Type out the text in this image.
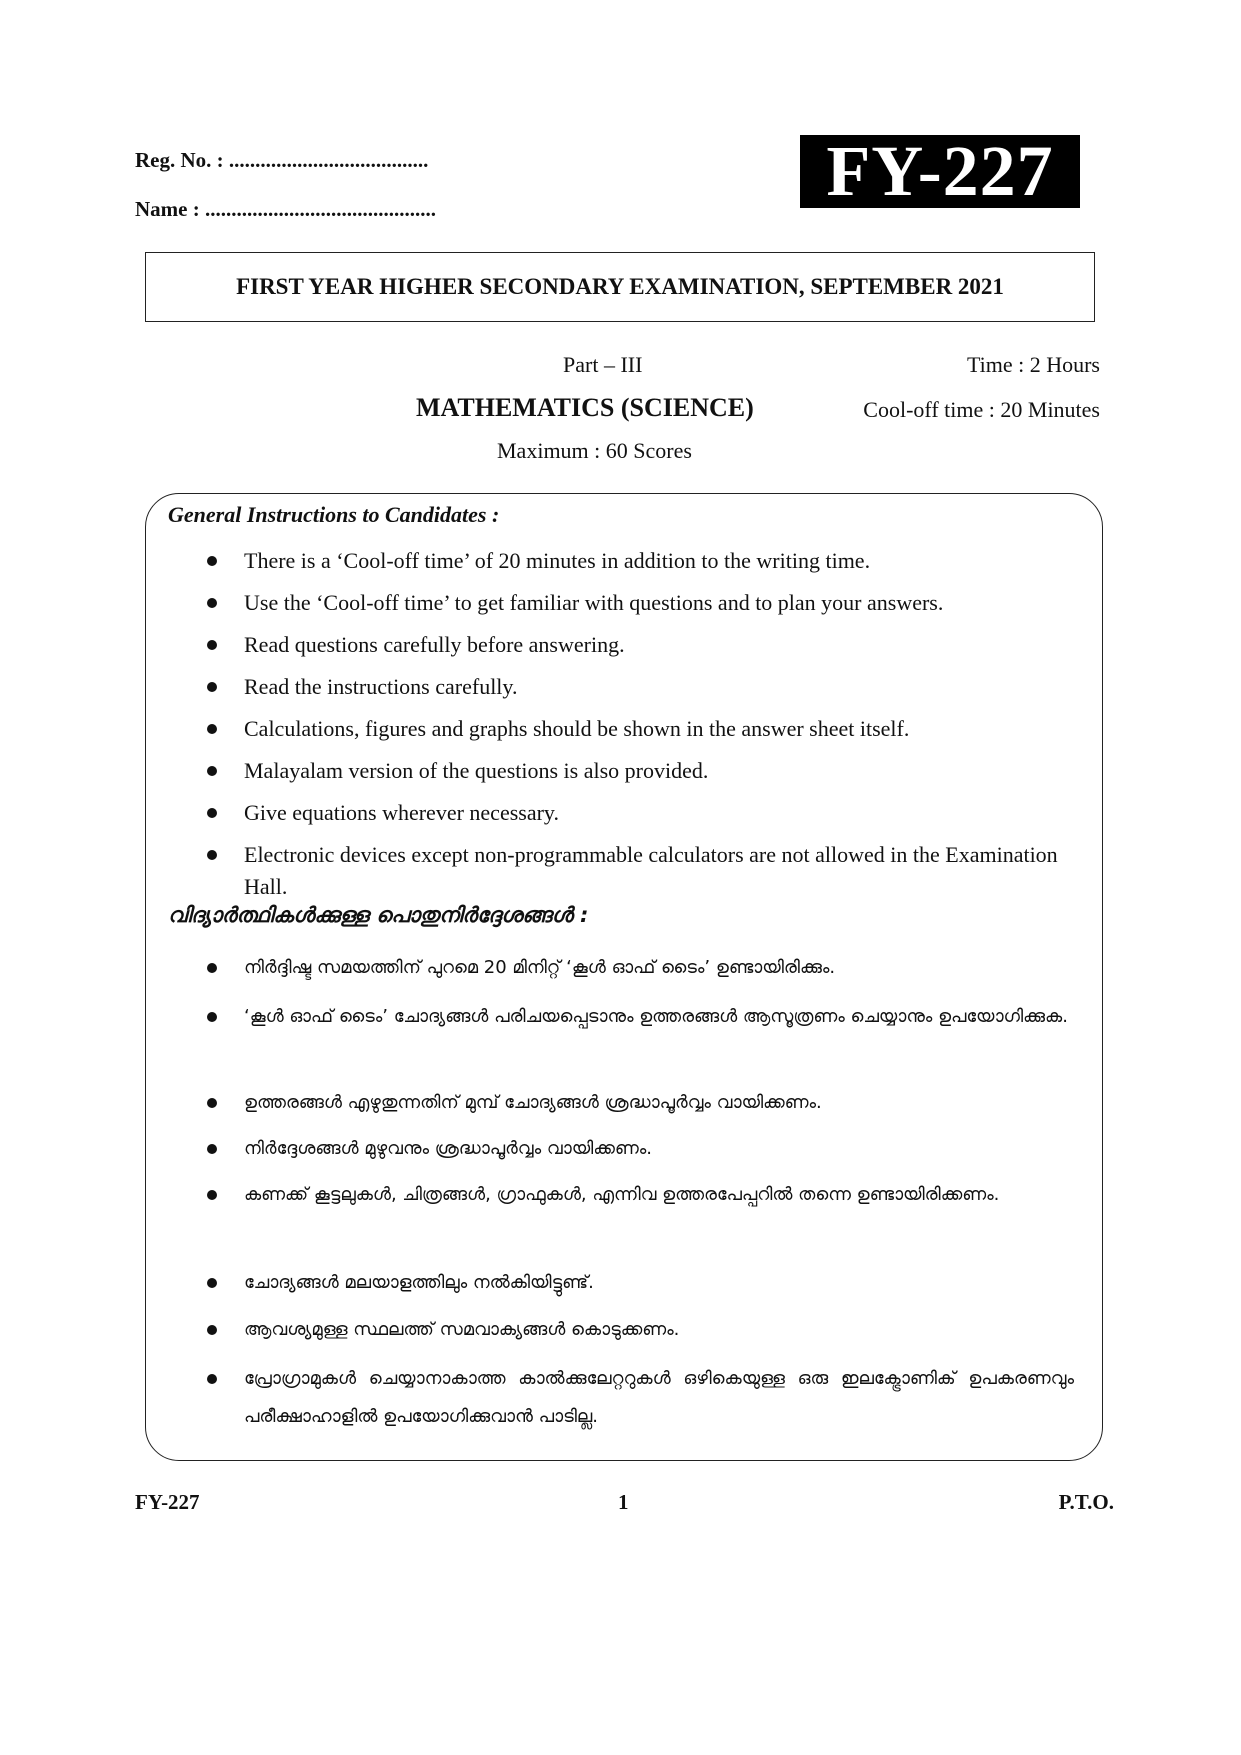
Reg. No. : ......................................
Name : ............................................	FY-227
FIRST YEAR HIGHER SECONDARY EXAMINATION, SEPTEMBER 2021
Part – III	Time : 2 Hours
MATHEMATICS (SCIENCE)	Cool-off time : 20 Minutes
Maximum : 60 Scores
General Instructions to Candidates :
There is a ‘Cool-off time’ of 20 minutes in addition to the writing time.
Use the ‘Cool-off time’ to get familiar with questions and to plan your answers.
Read questions carefully before answering.
Read the instructions carefully.
Calculations, figures and graphs should be shown in the answer sheet itself.
Malayalam version of the questions is also provided.
Give equations wherever necessary.
Electronic devices except non-programmable calculators are not allowed in the Examination Hall.
വിദ്യാർത്ഥികൾക്കുള്ള പൊതുനിർദ്ദേശങ്ങൾ :
നിർദ്ദിഷ്ട സമയത്തിന് പുറമെ 20 മിനിറ്റ് ‘കൂൾ ഓഫ് ടൈം’ ഉണ്ടായിരിക്കും.
‘കൂൾ ഓഫ് ടൈം’ ചോദ്യങ്ങൾ പരിചയപ്പെടാനും ഉത്തരങ്ങൾ ആസൂത്രണം ചെയ്യാനും ഉപയോഗിക്കുക.
ഉത്തരങ്ങൾ എഴുതുന്നതിന് മുമ്പ് ചോദ്യങ്ങൾ ശ്രദ്ധാപൂർവ്വം വായിക്കണം.
നിർദ്ദേശങ്ങൾ മുഴുവനും ശ്രദ്ധാപൂർവ്വം വായിക്കണം.
കണക്ക് കൂട്ടലുകൾ, ചിത്രങ്ങൾ, ഗ്രാഫുകൾ, എന്നിവ ഉത്തരപേപ്പറിൽ തന്നെ ഉണ്ടായിരിക്കണം.
ചോദ്യങ്ങൾ മലയാളത്തിലും നൽകിയിട്ടുണ്ട്.
ആവശ്യമുള്ള സ്ഥലത്ത് സമവാക്യങ്ങൾ കൊടുക്കണം.
പ്രോഗ്രാമുകൾ ചെയ്യാനാകാത്ത കാൽക്കുലേറ്ററുകൾ ഒഴികെയുള്ള ഒരു ഇലക്ട്രോണിക് ഉപകരണവും പരീക്ഷാഹാളിൽ ഉപയോഗിക്കുവാൻ പാടില്ല.
FY-227	1	P.T.O.
